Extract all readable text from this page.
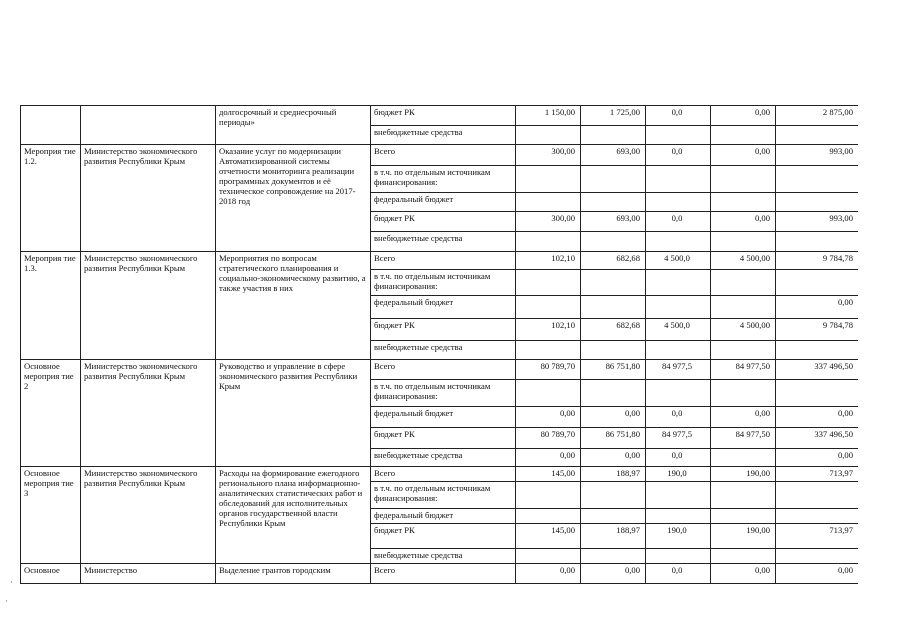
		долгосрочный и среднесрочный периоды»	бюджет РК	1 150,00	1 725,00	0,0	0,00	2 875,00
			внебюджетные средства					
Мероприя тие 1.2.	Министерство экономического развития Республики Крым	Оказание услуг по модернизации Автоматизированной системы отчетности мониторинга реализации программных документов и её техническое сопровождение на 2017-2018 год	Всего	300,00	693,00	0,0	0,00	993,00
			в т.ч. по отдельным источникам финансирования:					
			федеральный бюджет					
			бюджет РК	300,00	693,00	0,0	0,00	993,00
			внебюджетные средства					
Мероприя тие 1.3.	Министерство экономического развития Республики Крым	Мероприятия по вопросам стратегического планирования и социально-экономическому развитию, а также участия в них	Всего	102,10	682,68	4 500,0	4 500,00	9 784,78
			в т.ч. по отдельным источникам финансирования:					
			федеральный бюджет					0,00
			бюджет РК	102,10	682,68	4 500,0	4 500,00	9 784,78
			внебюджетные средства					
Основное мероприя тие 2	Министерство экономического развития Республики Крым	Руководство и управление в сфере экономического развития Республики Крым	Всего	80 789,70	86 751,80	84 977,5	84 977,50	337 496,50
			в т.ч. по отдельным источникам финансирования:					
			федеральный бюджет	0,00	0,00	0,0	0,00	0,00
			бюджет РК	80 789,70	86 751,80	84 977,5	84 977,50	337 496,50
			внебюджетные средства	0,00	0,00	0,0		0,00
Основное мероприя тие 3	Министерство экономического развития Республики Крым	Расходы на формирование ежегодного регионального плана информационно-аналитических статистических работ и обследований для исполнительных органов государственной власти Республики Крым	Всего	145,00	188,97	190,0	190,00	713,97
			в т.ч. по отдельным источникам финансирования:					
			федеральный бюджет					
			бюджет РК	145,00	188,97	190,0	190,00	713,97
			внебюджетные средства					
Основное	Министерство	Выделение грантов городским	Всего	0,00	0,00	0,0	0,00	0,00
·
·
